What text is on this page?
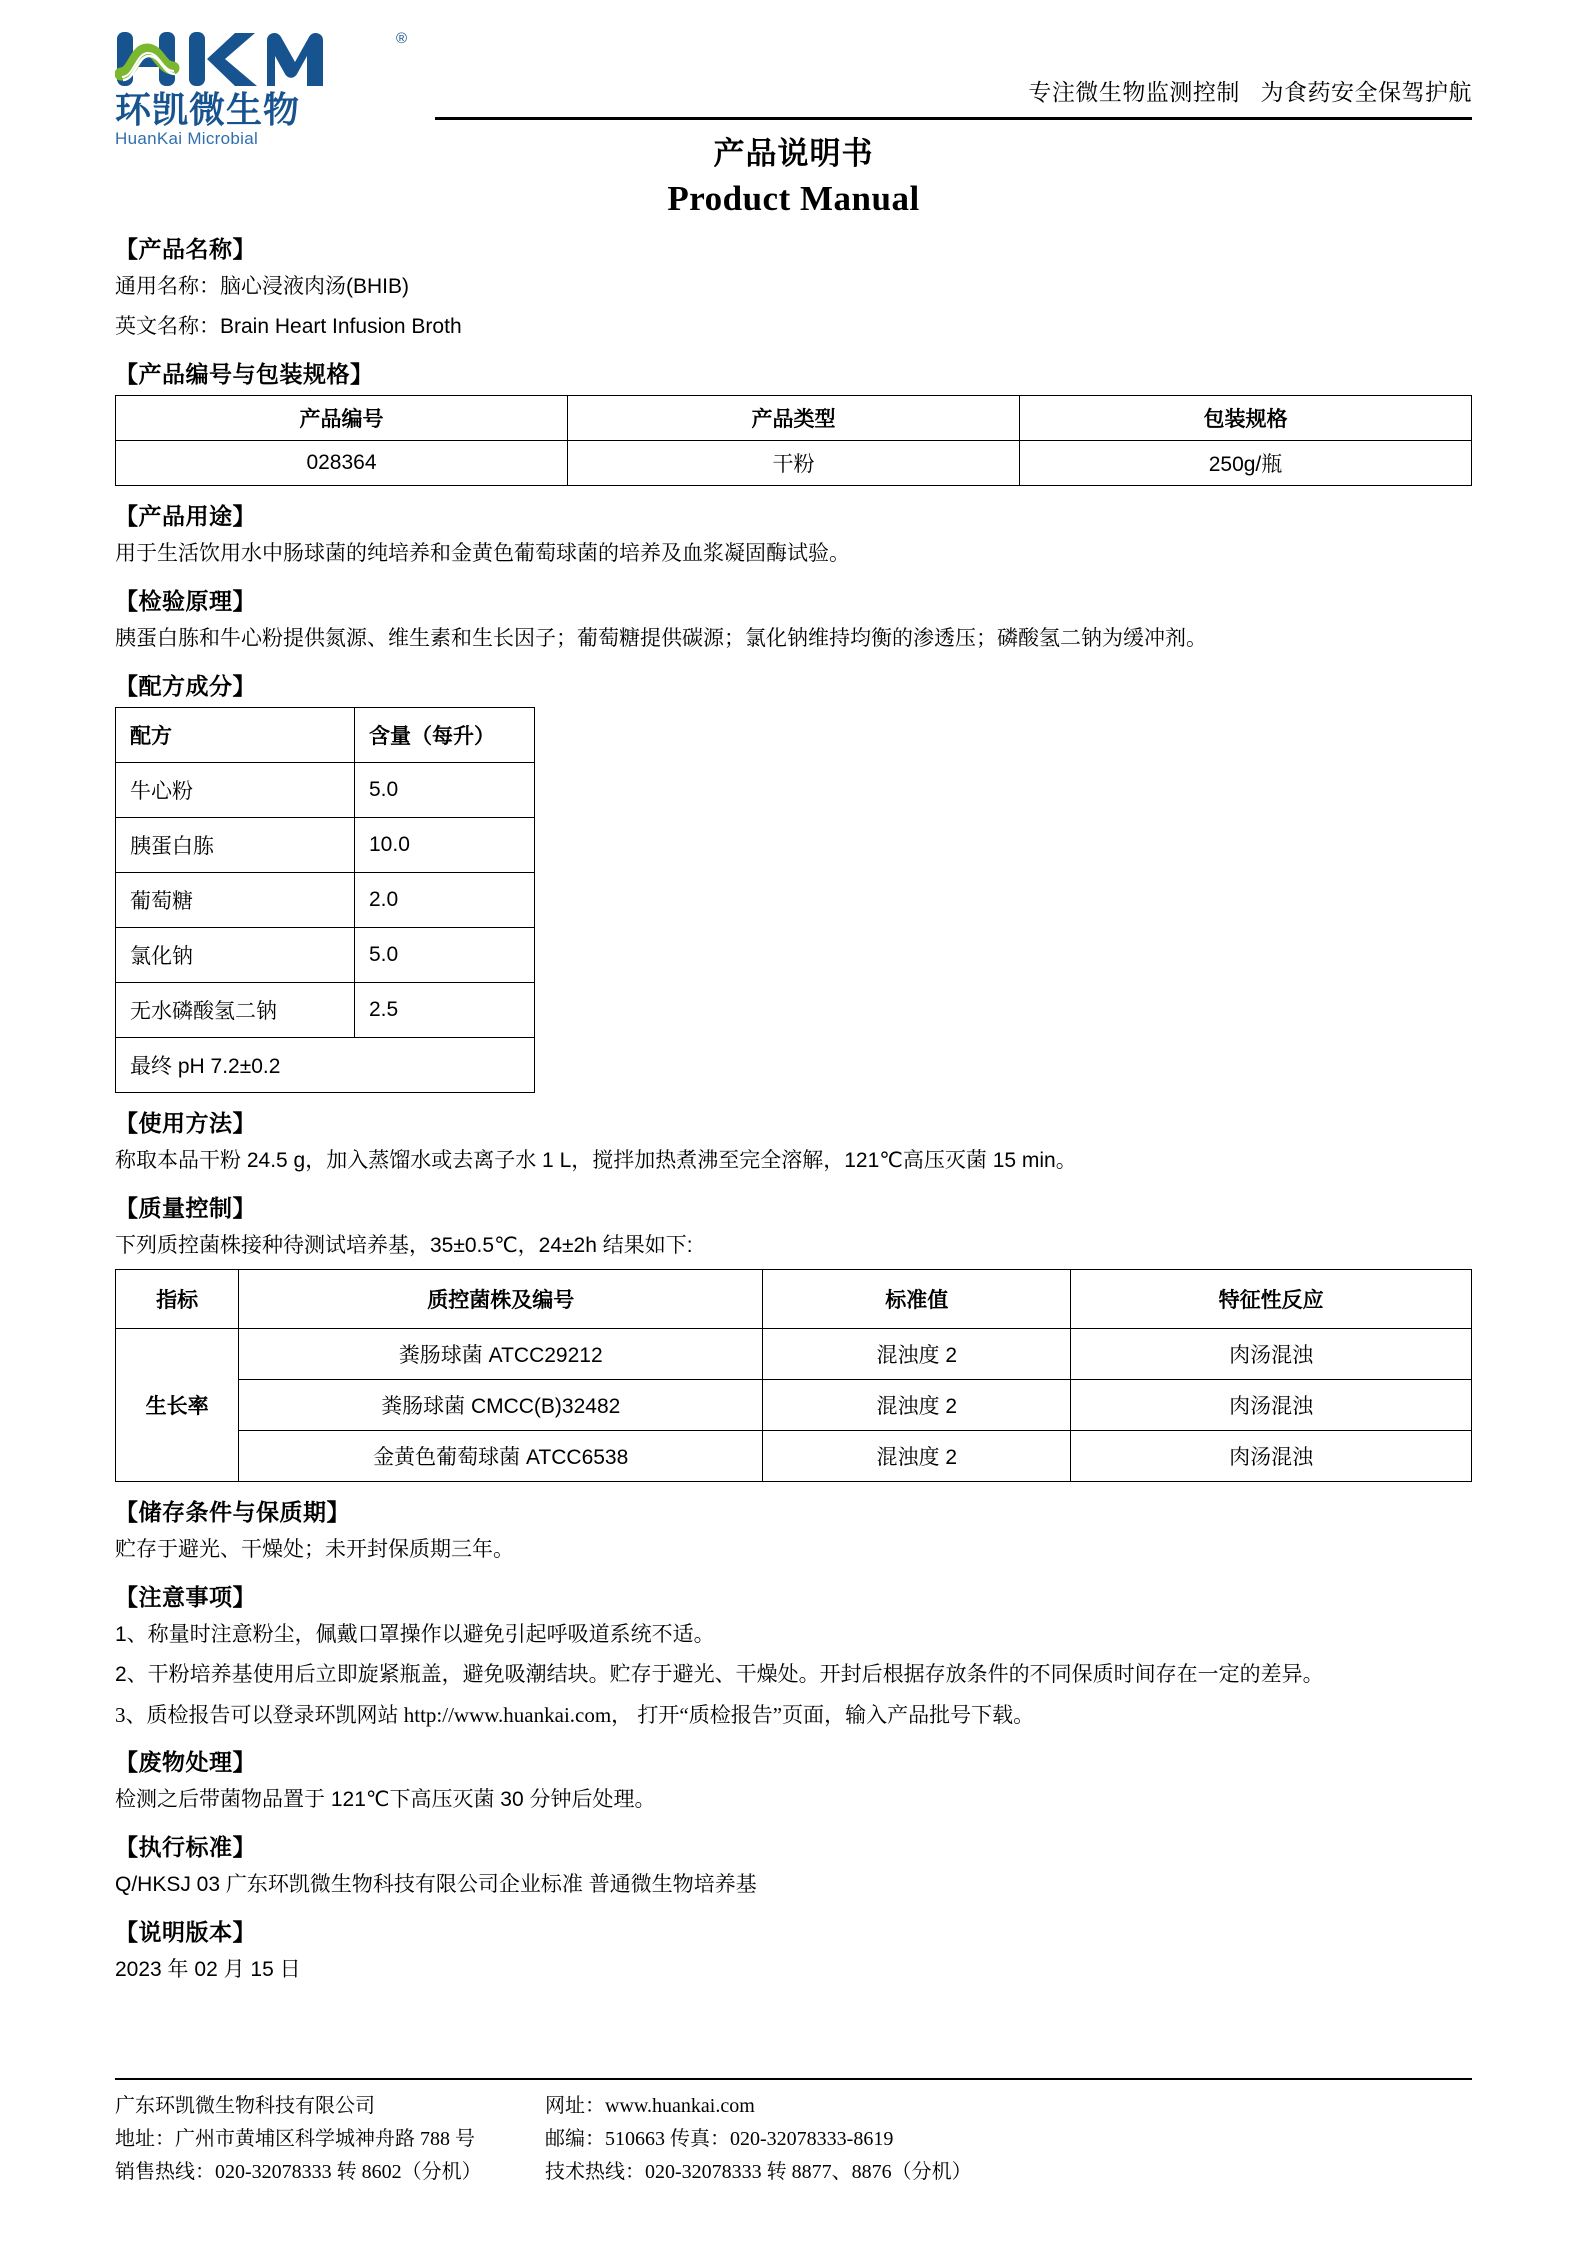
®
环凯微生物
HuanKai Microbial
专注微生物监测控制   为食药安全保驾护航
产品说明书
Product Manual
【产品名称】
通用名称：脑心浸液肉汤(BHIB)
英文名称：Brain Heart Infusion Broth
【产品编号与包装规格】
产品编号	产品类型	包装规格
028364	干粉	250g/瓶
【产品用途】
用于生活饮用水中肠球菌的纯培养和金黄色葡萄球菌的培养及血浆凝固酶试验。
【检验原理】
胰蛋白胨和牛心粉提供氮源、维生素和生长因子；葡萄糖提供碳源；氯化钠维持均衡的渗透压；磷酸氢二钠为缓冲剂。
【配方成分】
配方	含量（每升）
牛心粉	5.0
胰蛋白胨	10.0
葡萄糖	2.0
氯化钠	5.0
无水磷酸氢二钠	2.5
最终 pH 7.2±0.2	
【使用方法】
称取本品干粉 24.5 g，加入蒸馏水或去离子水 1 L，搅拌加热煮沸至完全溶解，121℃高压灭菌 15 min。
【质量控制】
下列质控菌株接种待测试培养基，35±0.5℃，24±2h 结果如下:
指标	质控菌株及编号	标准值	特征性反应
生长率	粪肠球菌 ATCC29212	混浊度 2	肉汤混浊
	粪肠球菌 CMCC(B)32482	混浊度 2	肉汤混浊
	金黄色葡萄球菌 ATCC6538	混浊度 2	肉汤混浊
【储存条件与保质期】
贮存于避光、干燥处；未开封保质期三年。
【注意事项】
1、称量时注意粉尘，佩戴口罩操作以避免引起呼吸道系统不适。
2、干粉培养基使用后立即旋紧瓶盖，避免吸潮结块。贮存于避光、干燥处。开封后根据存放条件的不同保质时间存在一定的差异。
3、质检报告可以登录环凯网站 http://www.huankai.com， 打开“质检报告”页面，输入产品批号下载。
【废物处理】
检测之后带菌物品置于 121℃下高压灭菌 30 分钟后处理。
【执行标准】
Q/HKSJ 03 广东环凯微生物科技有限公司企业标准 普通微生物培养基
【说明版本】
2023 年 02 月 15 日
广东环凯微生物科技有限公司
地址：广州市黄埔区科学城神舟路 788 号
销售热线：020-32078333 转 8602（分机）
网址：www.huankai.com
邮编：510663 传真：020-32078333-8619
技术热线：020-32078333 转 8877、8876（分机）
